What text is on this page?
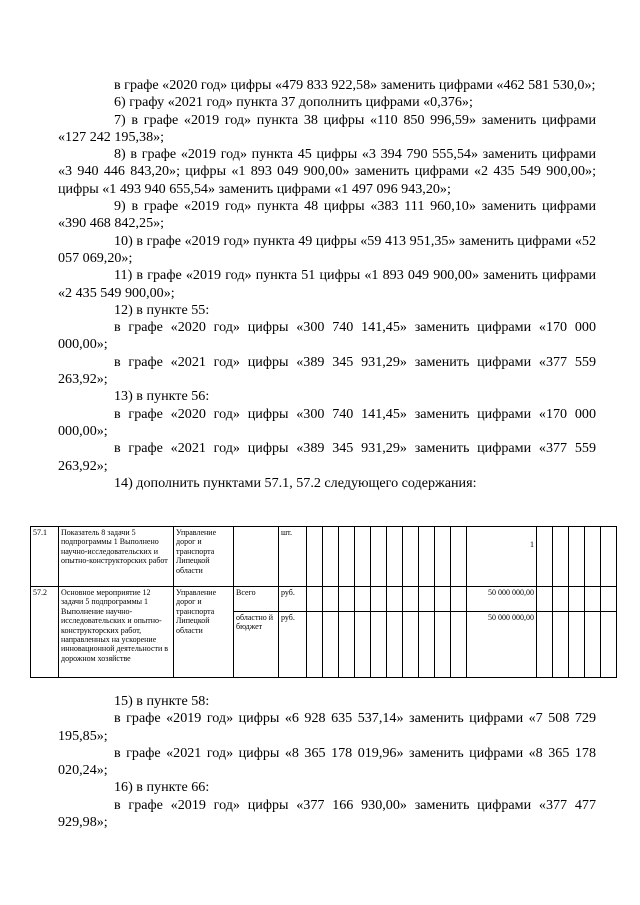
в графе «2020 год» цифры «479 833 922,58» заменить цифрами «462 581 530,0»;

6) графу «2021 год» пункта 37 дополнить цифрами «0,376»;

7) в графе «2019 год» пункта 38 цифры «110 850 996,59» заменить цифрами «127 242 195,38»;

8) в графе «2019 год» пункта 45 цифры «3 394 790 555,54» заменить цифрами «3 940 446 843,20»; цифры «1 893 049 900,00» заменить цифрами «2 435 549 900,00»; цифры «1 493 940 655,54» заменить цифрами «1 497 096 943,20»;

9) в графе «2019 год» пункта 48 цифры «383 111 960,10» заменить цифрами «390 468 842,25»;

10) в графе «2019 год» пункта 49 цифры «59 413 951,35» заменить цифрами «52 057 069,20»;

11) в графе «2019 год» пункта 51 цифры «1 893 049 900,00» заменить цифрами «2 435 549 900,00»;

12) в пункте 55:

в графе «2020 год» цифры «300 740 141,45» заменить цифрами «170 000 000,00»;

в графе «2021 год» цифры «389 345 931,29» заменить цифрами «377 559 263,92»;

13) в пункте 56:

в графе «2020 год» цифры «300 740 141,45» заменить цифрами «170 000 000,00»;

в графе «2021 год» цифры «389 345 931,29» заменить цифрами «377 559 263,92»;

14) дополнить пунктами 57.1, 57.2 следующего содержания:

57.1	Показатель 8 задачи 5 подпрограммы 1 Выполнено научно-исследовательских и опытно-конструкторских работ	Управление дорог и транспорта Липецкой области		шт.											1					

57.2	Основное мероприятие 12 задачи 5 подпрограммы 1 Выполнение научно-исследовательских и опытно-конструкторских работ, направленных на ускорение инновационной деятельности в дорожном хозяйстве	Управление дорог и транспорта Липецкой области	Всего	руб.											50 000 000,00					
			областно й бюджет	руб.											50 000 000,00					

15) в пункте 58:

в графе «2019 год» цифры «6 928 635 537,14» заменить цифрами «7 508 729 195,85»;

в графе «2021 год» цифры «8 365 178 019,96» заменить цифрами «8 365 178 020,24»;

16) в пункте 66:

в графе «2019 год» цифры «377 166 930,00» заменить цифрами «377 477 929,98»;
